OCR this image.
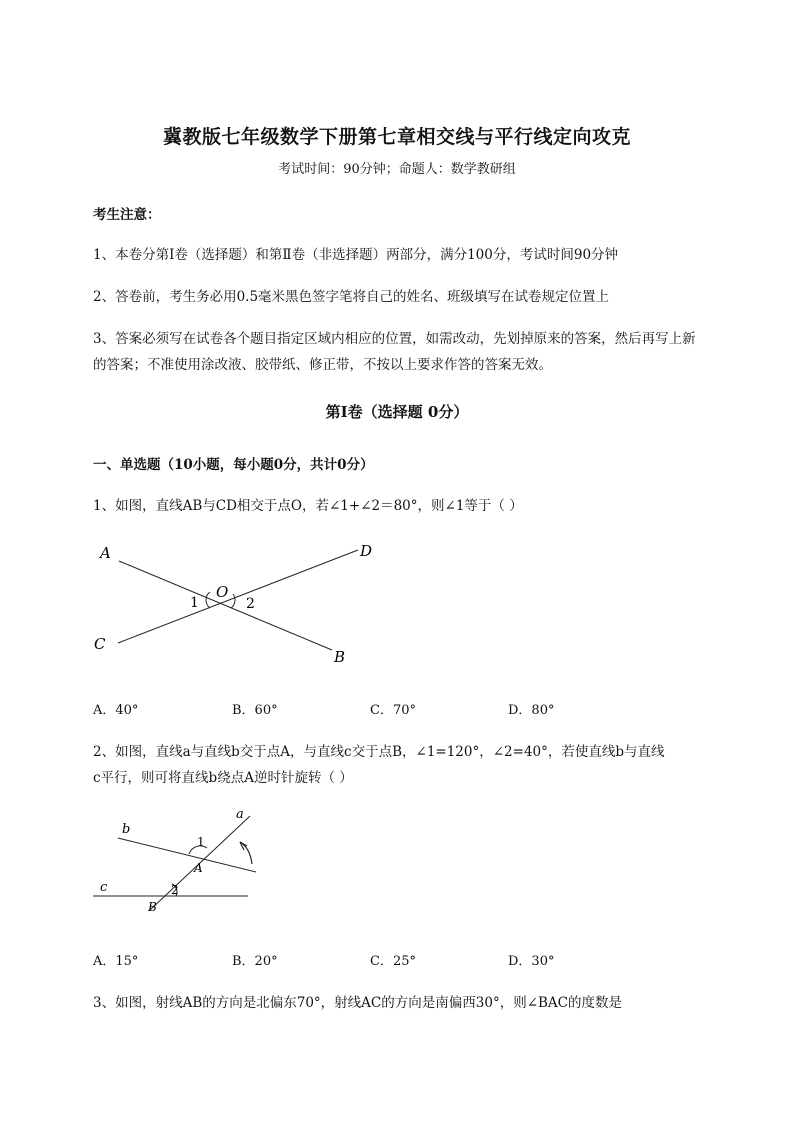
冀教版七年级数学下册第七章相交线与平行线定向攻克
考试时间：90分钟；命题人：数学教研组
考生注意：
1、本卷分第Ⅰ卷（选择题）和第Ⅱ卷（非选择题）两部分，满分100分，考试时间90分钟
2、答卷前，考生务必用0.5毫米黑色签字笔将自己的姓名、班级填写在试卷规定位置上
3、答案必须写在试卷各个题目指定区域内相应的位置，如需改动，先划掉原来的答案，然后再写上新
的答案；不准使用涂改液、胶带纸、修正带，不按以上要求作答的答案无效。
第Ⅰ卷（选择题 0分）
一、单选题（10小题，每小题0分，共计0分）
1、如图，直线AB与CD相交于点O，若∠1+∠2＝80°，则∠1等于（ ）
A	D
O
1	2
C
B
A．40°	B．60°	C．70°	D．80°
2、如图，直线a与直线b交于点A，与直线c交于点B，∠1=120°，∠2=40°，若使直线b与直线
c平行，则可将直线b绕点A逆时针旋转（ ）
a
b
1
A
c	2
B
A．15°	B．20°	C．25°	D．30°
3、如图，射线AB的方向是北偏东70°，射线AC的方向是南偏西30°，则∠BAC的度数是
